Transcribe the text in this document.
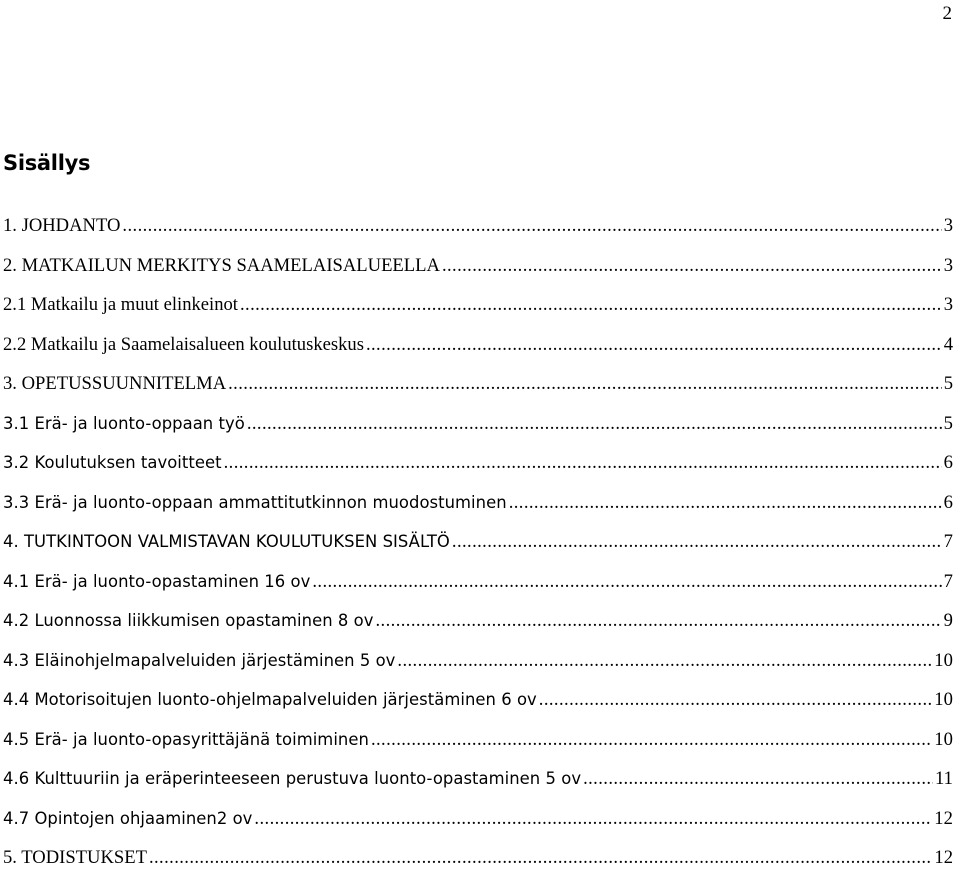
2
Sisällys
1. JOHDANTO .....	3
2. MATKAILUN MERKITYS SAAMELAISALUEELLA .....	3
2.1 Matkailu ja muut elinkeinot .....	3
2.2 Matkailu ja Saamelaisalueen koulutuskeskus .....	4
3. OPETUSSUUNNITELMA .....	5
3.1 Erä- ja luonto-oppaan työ .....	5
3.2 Koulutuksen tavoitteet .....	6
3.3 Erä- ja luonto-oppaan ammattitutkinnon muodostuminen .....	6
4. TUTKINTOON VALMISTAVAN KOULUTUKSEN SISÄLTÖ .....	7
4.1 Erä- ja luonto-opastaminen 16 ov .....	7
4.2 Luonnossa liikkumisen opastaminen 8 ov .....	9
4.3 Eläinohjelmapalveluiden järjestäminen 5 ov .....	10
4.4 Motorisoitujen luonto-ohjelmapalveluiden järjestäminen 6 ov .....	10
4.5 Erä- ja luonto-opasyrittäjänä toimiminen .....	10
4.6 Kulttuuriin ja eräperinteeseen perustuva luonto-opastaminen 5 ov .....	11
4.7 Opintojen ohjaaminen2 ov .....	12
5. TODISTUKSET .....	12
